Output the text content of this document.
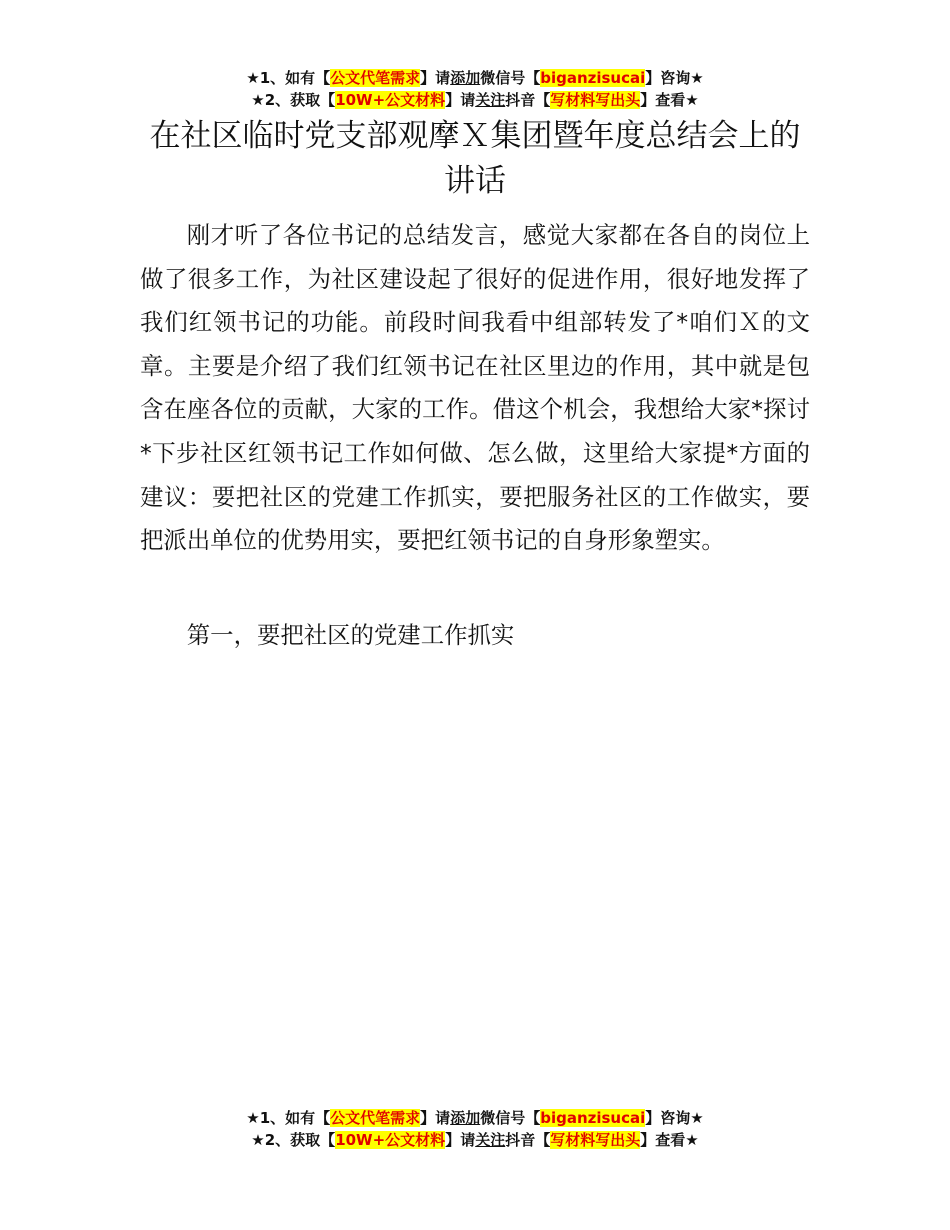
★1、如有【公文代笔需求】请添加微信号【biganzisucai】咨询★
★2、获取【10W+公文材料】请关注抖音【写材料写出头】查看★
在社区临时党支部观摩Ｘ集团暨年度总结会上的讲话

刚才听了各位书记的总结发言，感觉大家都在各自的岗位上做了很多工作，为社区建设起了很好的促进作用，很好地发挥了我们红领书记的功能。前段时间我看中组部转发了*咱们Ｘ的文章。主要是介绍了我们红领书记在社区里边的作用，其中就是包含在座各位的贡献，大家的工作。借这个机会，我想给大家*探讨*下步社区红领书记工作如何做、怎么做，这里给大家提*方面的建议：要把社区的党建工作抓实，要把服务社区的工作做实，要把派出单位的优势用实，要把红领书记的自身形象塑实。

第一，要把社区的党建工作抓实

★1、如有【公文代笔需求】请添加微信号【biganzisucai】咨询★
★2、获取【10W+公文材料】请关注抖音【写材料写出头】查看★
